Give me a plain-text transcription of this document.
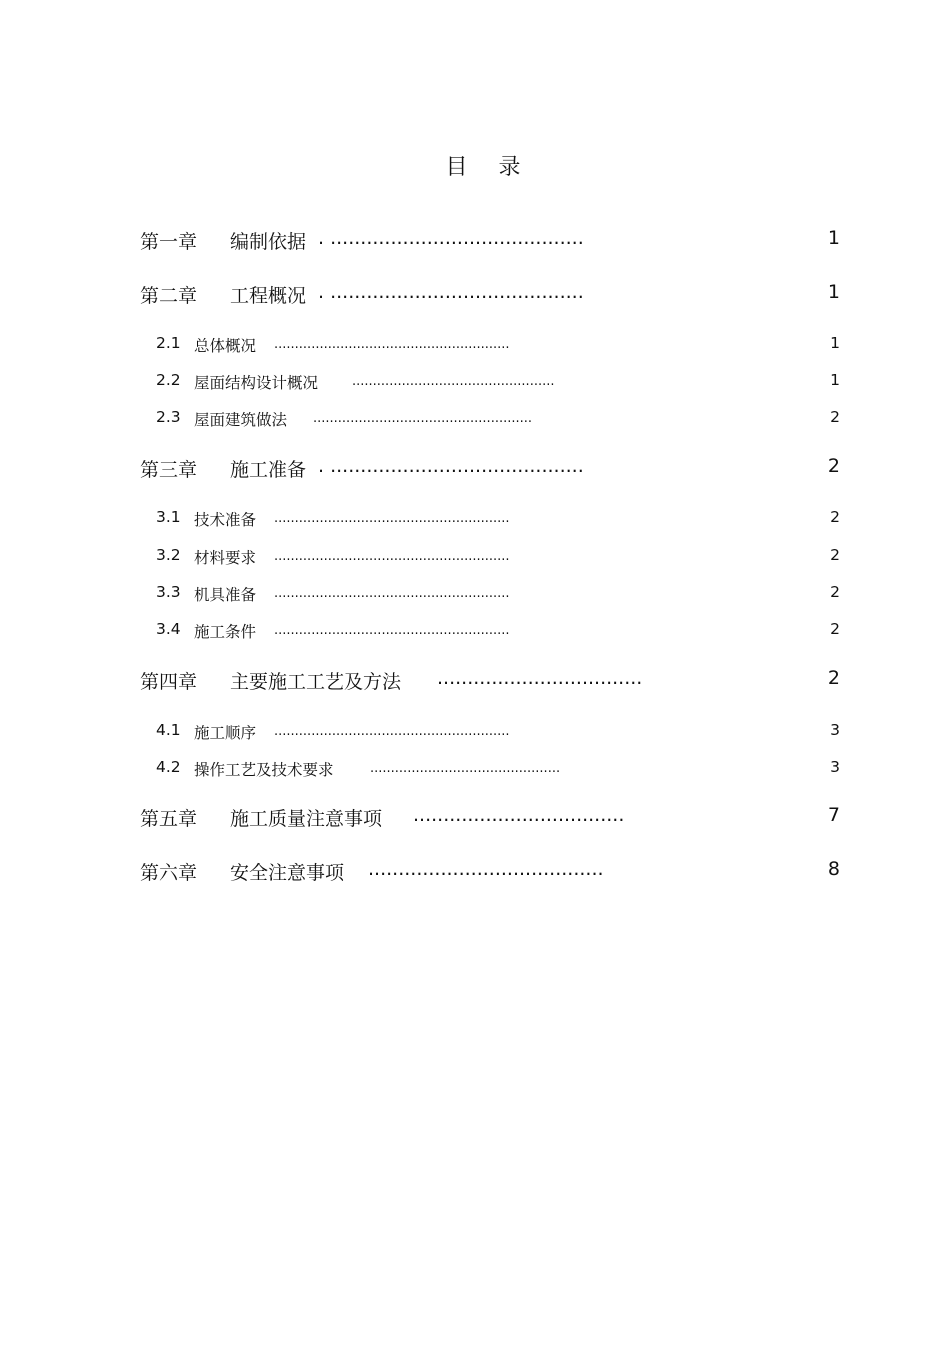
目 录
第一章 编制依据 . ..........................................	1
第二章 工程概况 . ..........................................	1
2.1 总体概况 .........................................................	1
2.2 屋面结构设计概况	.................................................	1
2.3 屋面建筑做法 .....................................................	2
第三章 施工准备 . ..........................................	2
3.1 技术准备 .........................................................	2
3.2 材料要求 .........................................................	2
3.3 机具准备 .........................................................	2
3.4 施工条件 .........................................................	2
第四章 主要施工工艺及方法 ..................................	2
4.1 施工顺序 .........................................................	3
4.2 操作工艺及技术要求	..............................................	3
第五章 施工质量注意事项 ...................................	7
第六章 安全注意事项 .......................................	8
